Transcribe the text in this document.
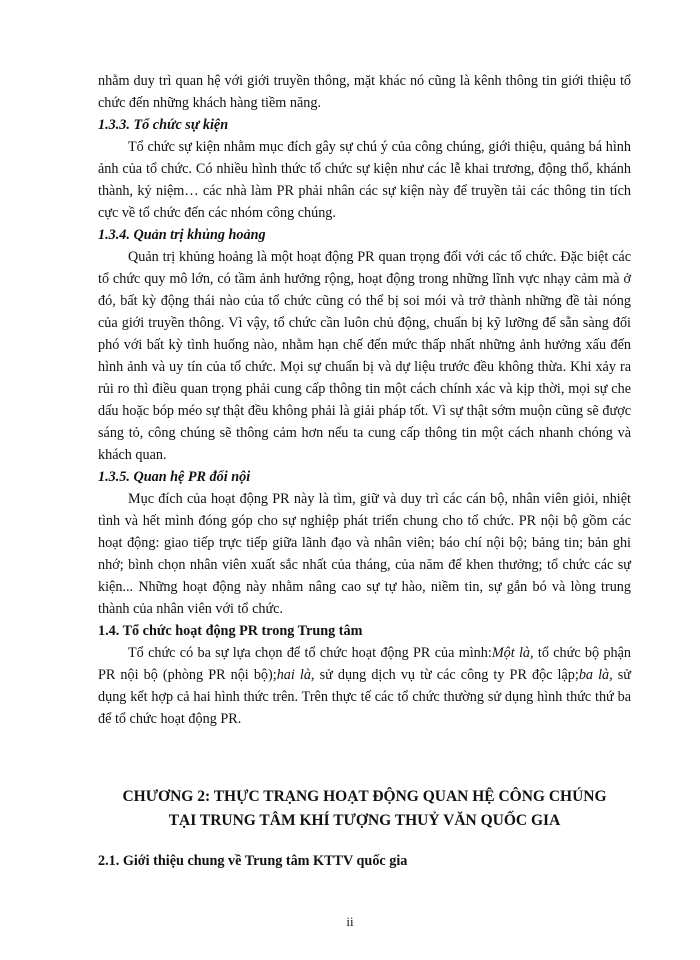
nhằm duy trì quan hệ với giới truyền thông, mặt khác nó cũng là kênh thông tin giới thiệu tổ chức đến những khách hàng tiềm năng.

1.3.3. Tổ chức sự kiện

Tổ chức sự kiện nhằm mục đích gây sự chú ý của công chúng, giới thiệu, quảng bá hình ảnh của tổ chức. Có nhiều hình thức tổ chức sự kiện như các lễ khai trương, động thổ, khánh thành, kỷ niệm… các nhà làm PR phải nhân các sự kiện này để truyền tải các thông tin tích cực về tổ chức đến các nhóm công chúng.

1.3.4. Quản trị khủng hoảng

Quản trị khủng hoảng là một hoạt động PR quan trọng đối với các tổ chức. Đặc biệt các tổ chức quy mô lớn, có tầm ảnh hưởng rộng, hoạt động trong những lĩnh vực nhạy cảm mà ở đó, bất kỳ động thái nào của tổ chức cũng có thể bị soi mói và trở thành những đề tài nóng của giới truyền thông. Vì vậy, tổ chức cần luôn chủ động, chuẩn bị kỹ lưỡng để sẵn sàng đối phó với bất kỳ tình huống nào, nhằm hạn chế đến mức thấp nhất những ảnh hưởng xấu đến hình ảnh và uy tín của tổ chức. Mọi sự chuẩn bị và dự liệu trước đều không thừa. Khi xảy ra rủi ro thì điều quan trọng phải cung cấp thông tin một cách chính xác và kịp thời, mọi sự che dấu hoặc bóp méo sự thật đều không phải là giải pháp tốt. Vì sự thật sớm muộn cũng sẽ được sáng tỏ, công chúng sẽ thông cảm hơn nếu ta cung cấp thông tin một cách nhanh chóng và khách quan.

1.3.5. Quan hệ PR đối nội

Mục đích của hoạt động PR này là tìm, giữ và duy trì các cán bộ, nhân viên giỏi, nhiệt tình và hết mình đóng góp cho sự nghiệp phát triển chung cho tổ chức. PR nội bộ gồm các hoạt động: giao tiếp trực tiếp giữa lãnh đạo và nhân viên; báo chí nội bộ; bảng tin; bản ghi nhớ; bình chọn nhân viên xuất sắc nhất của tháng, của năm để khen thưởng; tổ chức các sự kiện... Những hoạt động này nhằm nâng cao sự tự hào, niềm tin, sự gắn bó và lòng trung thành của nhân viên với tổ chức.

1.4. Tổ chức hoạt động PR trong Trung tâm

Tổ chức có ba sự lựa chọn để tổ chức hoạt động PR của mình:Một là, tổ chức bộ phận PR nội bộ (phòng PR nội bộ);hai là, sử dụng dịch vụ từ các công ty PR độc lập;ba là, sử dụng kết hợp cả hai hình thức trên. Trên thực tế các tổ chức thường sử dụng hình thức thứ ba để tổ chức hoạt động PR.

CHƯƠNG 2: THỰC TRẠNG HOẠT ĐỘNG QUAN HỆ CÔNG CHÚNG
TẠI TRUNG TÂM KHÍ TƯỢNG THUỶ VĂN QUỐC GIA
2.1. Giới thiệu chung về Trung tâm KTTV quốc gia
ii
